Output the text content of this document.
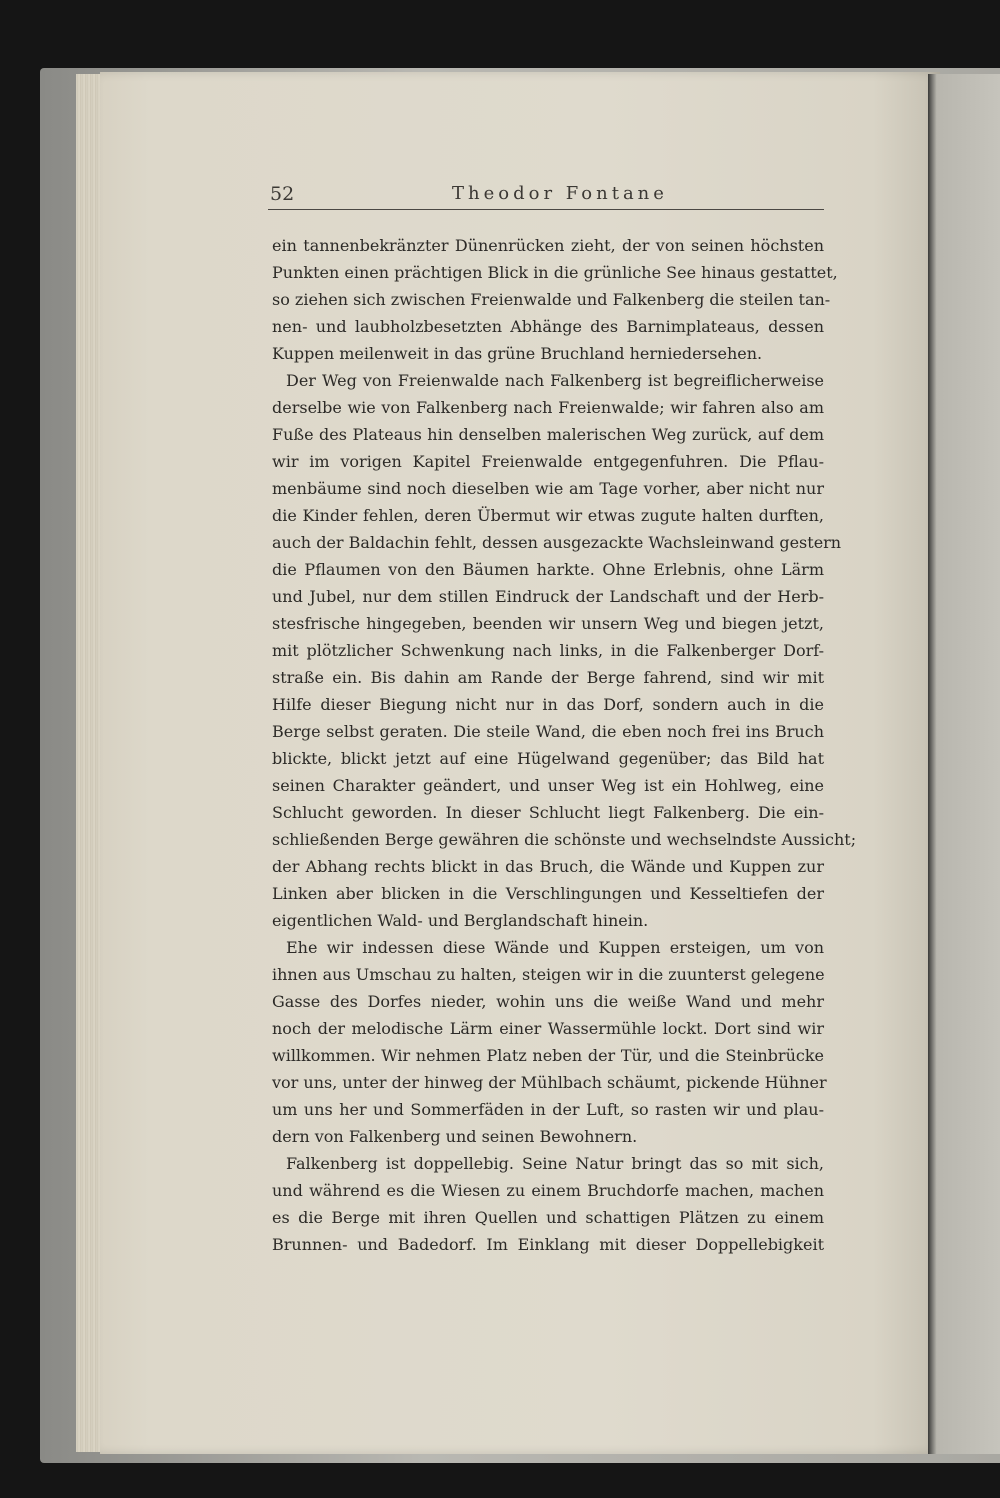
52	Theodor Fontane
ein tannenbekränzter Dünenrücken zieht, der von seinen höchsten
Punkten einen prächtigen Blick in die grünliche See hinaus gestattet,
so ziehen sich zwischen Freienwalde und Falkenberg die steilen tan-
nen- und laubholzbesetzten Abhänge des Barnimplateaus, dessen
Kuppen meilenweit in das grüne Bruchland herniedersehen.
Der Weg von Freienwalde nach Falkenberg ist begreiflicherweise
derselbe wie von Falkenberg nach Freienwalde; wir fahren also am
Fuße des Plateaus hin denselben malerischen Weg zurück, auf dem
wir im vorigen Kapitel Freienwalde entgegenfuhren. Die Pflau-
menbäume sind noch dieselben wie am Tage vorher, aber nicht nur
die Kinder fehlen, deren Übermut wir etwas zugute halten durften,
auch der Baldachin fehlt, dessen ausgezackte Wachsleinwand gestern
die Pflaumen von den Bäumen harkte. Ohne Erlebnis, ohne Lärm
und Jubel, nur dem stillen Eindruck der Landschaft und der Herb-
stesfrische hingegeben, beenden wir unsern Weg und biegen jetzt,
mit plötzlicher Schwenkung nach links, in die Falkenberger Dorf-
straße ein. Bis dahin am Rande der Berge fahrend, sind wir mit
Hilfe dieser Biegung nicht nur in das Dorf, sondern auch in die
Berge selbst geraten. Die steile Wand, die eben noch frei ins Bruch
blickte, blickt jetzt auf eine Hügelwand gegenüber; das Bild hat
seinen Charakter geändert, und unser Weg ist ein Hohlweg, eine
Schlucht geworden. In dieser Schlucht liegt Falkenberg. Die ein-
schließenden Berge gewähren die schönste und wechselndste Aussicht;
der Abhang rechts blickt in das Bruch, die Wände und Kuppen zur
Linken aber blicken in die Verschlingungen und Kesseltiefen der
eigentlichen Wald- und Berglandschaft hinein.
Ehe wir indessen diese Wände und Kuppen ersteigen, um von
ihnen aus Umschau zu halten, steigen wir in die zuunterst gelegene
Gasse des Dorfes nieder, wohin uns die weiße Wand und mehr
noch der melodische Lärm einer Wassermühle lockt. Dort sind wir
willkommen. Wir nehmen Platz neben der Tür, und die Steinbrücke
vor uns, unter der hinweg der Mühlbach schäumt, pickende Hühner
um uns her und Sommerfäden in der Luft, so rasten wir und plau-
dern von Falkenberg und seinen Bewohnern.
Falkenberg ist doppellebig. Seine Natur bringt das so mit sich,
und während es die Wiesen zu einem Bruchdorfe machen, machen
es die Berge mit ihren Quellen und schattigen Plätzen zu einem
Brunnen- und Badedorf. Im Einklang mit dieser Doppellebigkeit
